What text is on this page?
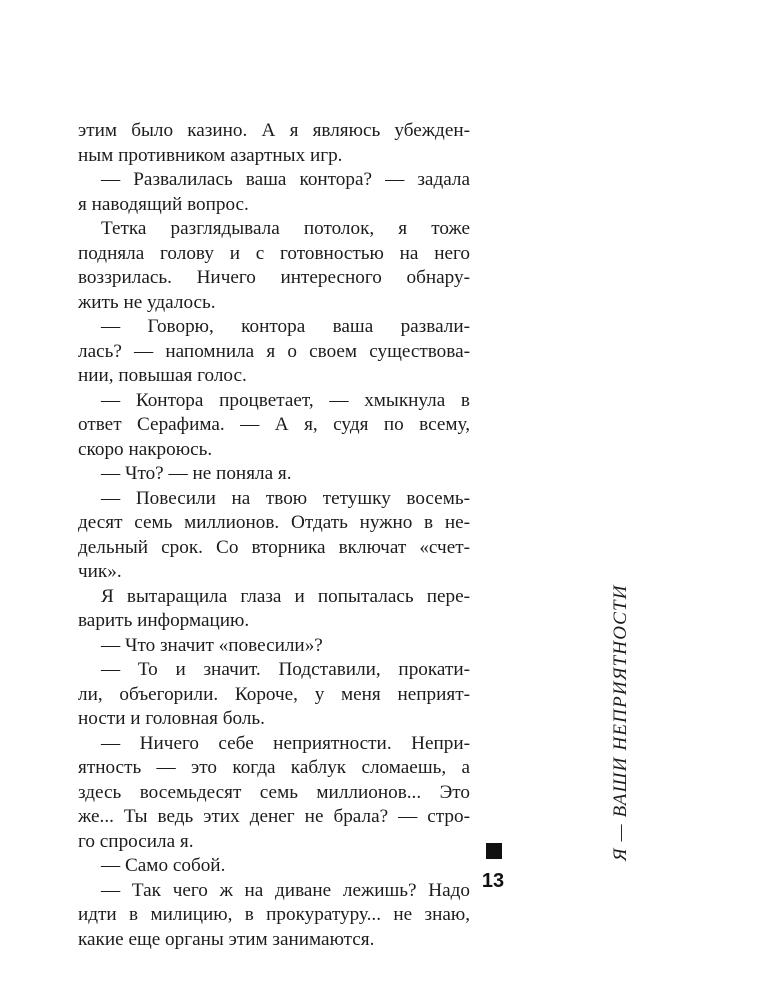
этим было казино. А я являюсь убежден-
ным противником азартных игр.
— Развалилась ваша контора? — задала
я наводящий вопрос.
Тетка разглядывала потолок, я тоже
подняла голову и с готовностью на него
воззрилась. Ничего интересного обнару-
жить не удалось.
— Говорю, контора ваша развали-
лась? — напомнила я о своем существова-
нии, повышая голос.
— Контора процветает, — хмыкнула в
ответ Серафима. — А я, судя по всему,
скоро накроюсь.
— Что? — не поняла я.
— Повесили на твою тетушку восемь-
десят семь миллионов. Отдать нужно в не-
дельный срок. Со вторника включат «счет-
чик».
Я вытаращила глаза и попыталась пере-
варить информацию.
— Что значит «повесили»?
— То и значит. Подставили, прокати-
ли, объегорили. Короче, у меня неприят-
ности и головная боль.
— Ничего себе неприятности. Непри-
ятность — это когда каблук сломаешь, а
здесь восемьдесят семь миллионов... Это
же... Ты ведь этих денег не брала? — стро-
го спросила я.
— Само собой.
— Так чего ж на диване лежишь? Надо
идти в милицию, в прокуратуру... не знаю,
какие еще органы этим занимаются.
Я — ВАШИ НЕПРИЯТНОСТИ
13
